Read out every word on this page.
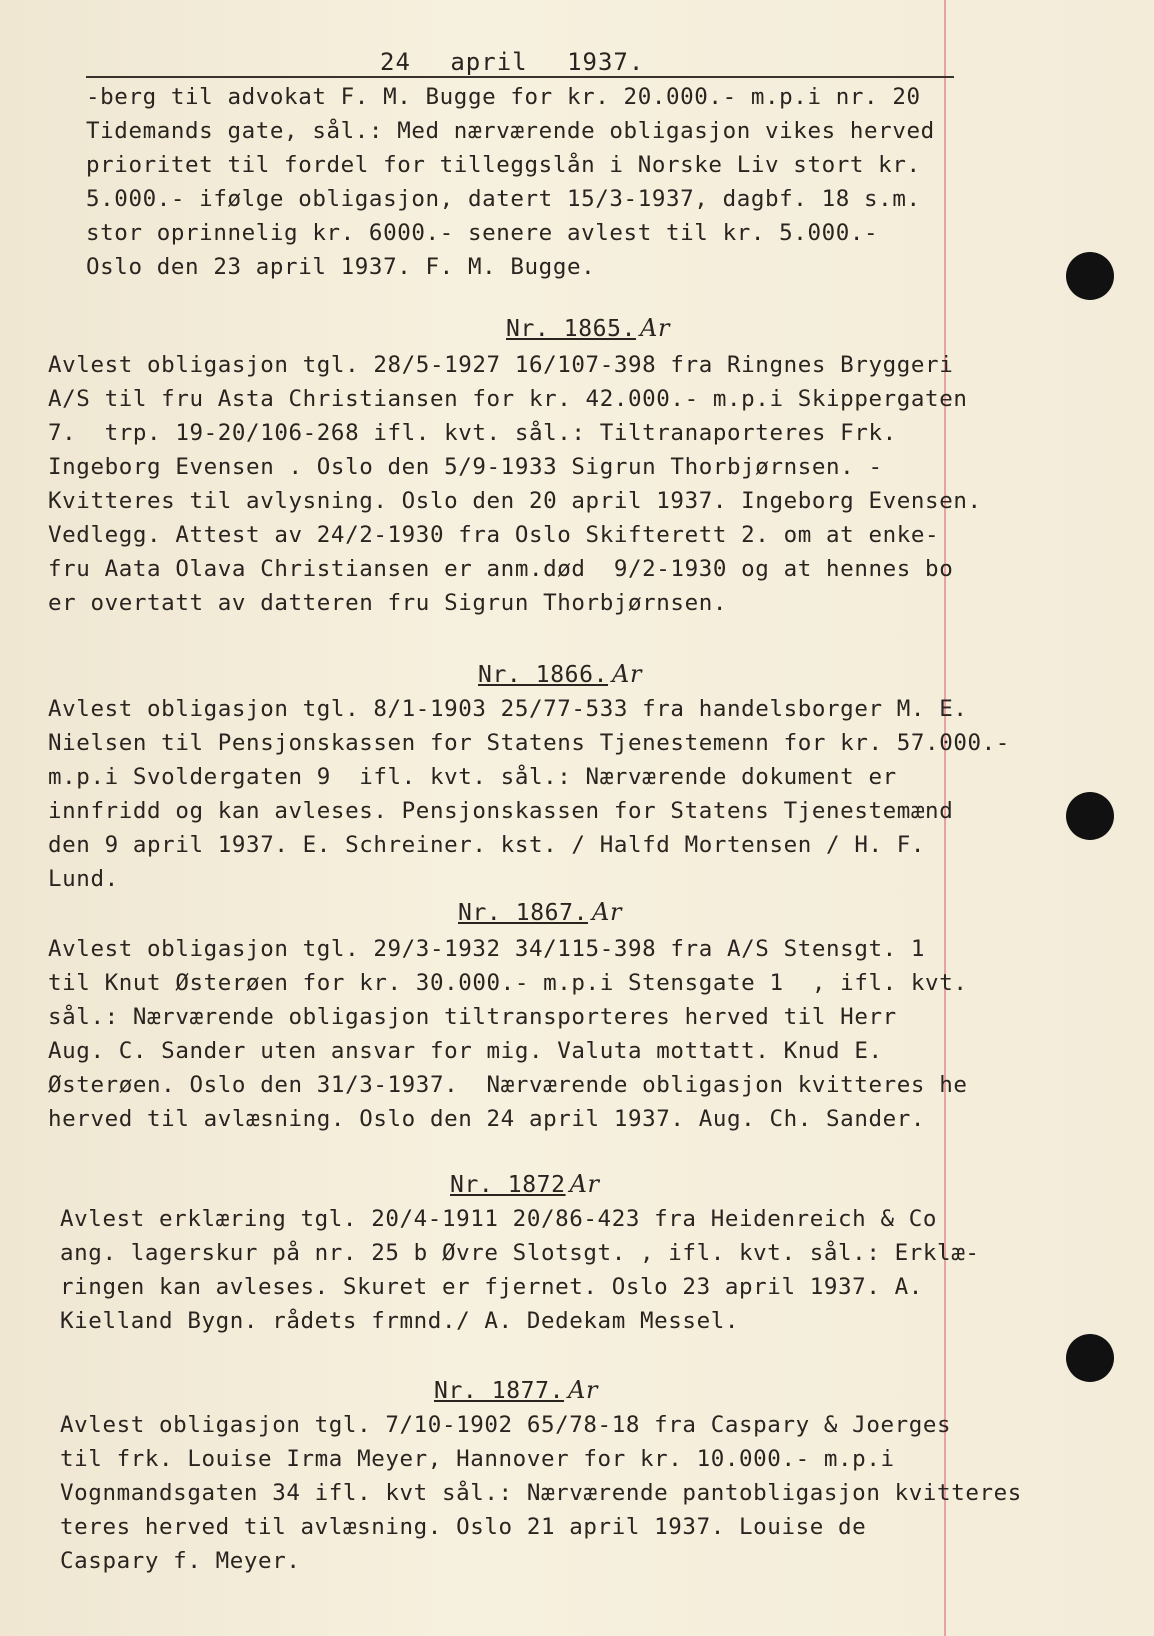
24 april 1937.
-berg til advokat F. M. Bugge for kr. 20.000.- m.p.i nr. 20
Tidemands gate, sål.: Med nærværende obligasjon vikes herved
prioritet til fordel for tilleggslån i Norske Liv stort kr.
5.000.- ifølge obligasjon, datert 15/3-1937, dagbf. 18 s.m.
stor oprinnelig kr. 6000.- senere avlest til kr. 5.000.-
Oslo den 23 april 1937. F. M. Bugge.
Nr. 1865. Ar
Avlest obligasjon tgl. 28/5-1927 16/107-398 fra Ringnes Bryggeri
A/S til fru Asta Christiansen for kr. 42.000.- m.p.i Skippergaten
7.  trp. 19-20/106-268 ifl. kvt. sål.: Tiltranaporteres Frk.
Ingeborg Evensen . Oslo den 5/9-1933 Sigrun Thorbjørnsen. -
Kvitteres til avlysning. Oslo den 20 april 1937. Ingeborg Evensen.
Vedlegg. Attest av 24/2-1930 fra Oslo Skifterett 2. om at enke-
fru Aata Olava Christiansen er anm.død  9/2-1930 og at hennes bo
er overtatt av datteren fru Sigrun Thorbjørnsen.
Nr. 1866. Ar
Avlest obligasjon tgl. 8/1-1903 25/77-533 fra handelsborger M. E.
Nielsen til Pensjonskassen for Statens Tjenestemenn for kr. 57.000.-
m.p.i Svoldergaten 9  ifl. kvt. sål.: Nærværende dokument er
innfridd og kan avleses. Pensjonskassen for Statens Tjenestemænd
den 9 april 1937. E. Schreiner. kst. / Halfd Mortensen / H. F.
Lund.
Nr. 1867. Ar
Avlest obligasjon tgl. 29/3-1932 34/115-398 fra A/S Stensgt. 1
til Knut Østerøen for kr. 30.000.- m.p.i Stensgate 1  , ifl. kvt.
sål.: Nærværende obligasjon tiltransporteres herved til Herr
Aug. C. Sander uten ansvar for mig. Valuta mottatt. Knud E.
Østerøen. Oslo den 31/3-1937.  Nærværende obligasjon kvitteres he
herved til avlæsning. Oslo den 24 april 1937. Aug. Ch. Sander.
Nr. 1872 Ar
Avlest erklæring tgl. 20/4-1911 20/86-423 fra Heidenreich & Co
ang. lagerskur på nr. 25 b Øvre Slotsgt. , ifl. kvt. sål.: Erklæ-
ringen kan avleses. Skuret er fjernet. Oslo 23 april 1937. A.
Kielland Bygn. rådets frmnd./ A. Dedekam Messel.
Nr. 1877. Ar
Avlest obligasjon tgl. 7/10-1902 65/78-18 fra Caspary & Joerges
til frk. Louise Irma Meyer, Hannover for kr. 10.000.- m.p.i
Vognmandsgaten 34 ifl. kvt sål.: Nærværende pantobligasjon kvitteres
teres herved til avlæsning. Oslo 21 april 1937. Louise de
Caspary f. Meyer.
